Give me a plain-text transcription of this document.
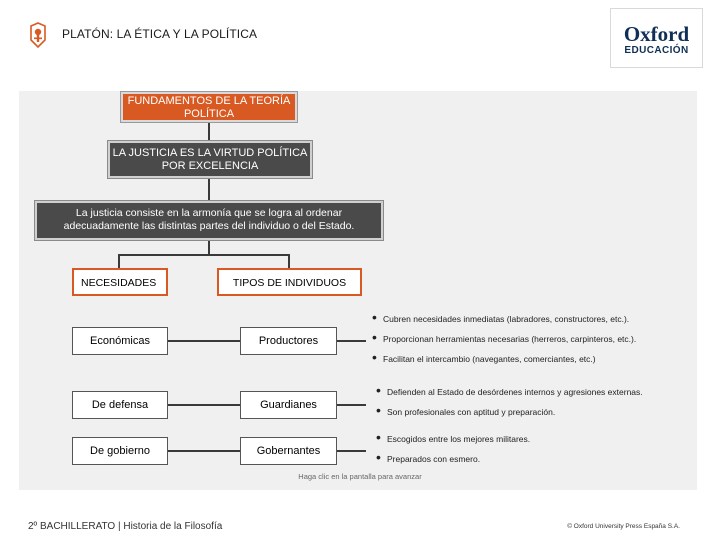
PLATÓN: LA ÉTICA Y LA POLÍTICA	Oxford
EDUCACIÓN
FUNDAMENTOS DE LA TEORÍA POLÍTICA
LA JUSTICIA ES LA VIRTUD POLÍTICA POR EXCELENCIA
La justicia consiste en la armonía que se logra al ordenar adecuadamente las distintas partes del individuo o del Estado.
NECESIDADES	TIPOS DE INDIVIDUOS
Económicas	Productores
• Cubren necesidades inmediatas (labradores, constructores, etc.).
• Proporcionan herramientas necesarias (herreros, carpinteros, etc.).
• Facilitan el intercambio (navegantes, comerciantes, etc.)
De defensa	Guardianes
• Defienden al Estado de desórdenes internos y agresiones externas.
• Son profesionales con aptitud y preparación.
De gobierno	Gobernantes
• Escogidos entre los mejores militares.
• Preparados con esmero.
Haga clic en la pantalla para avanzar
2º BACHILLERATO | Historia de la Filosofía	© Oxford University Press España S.A.
